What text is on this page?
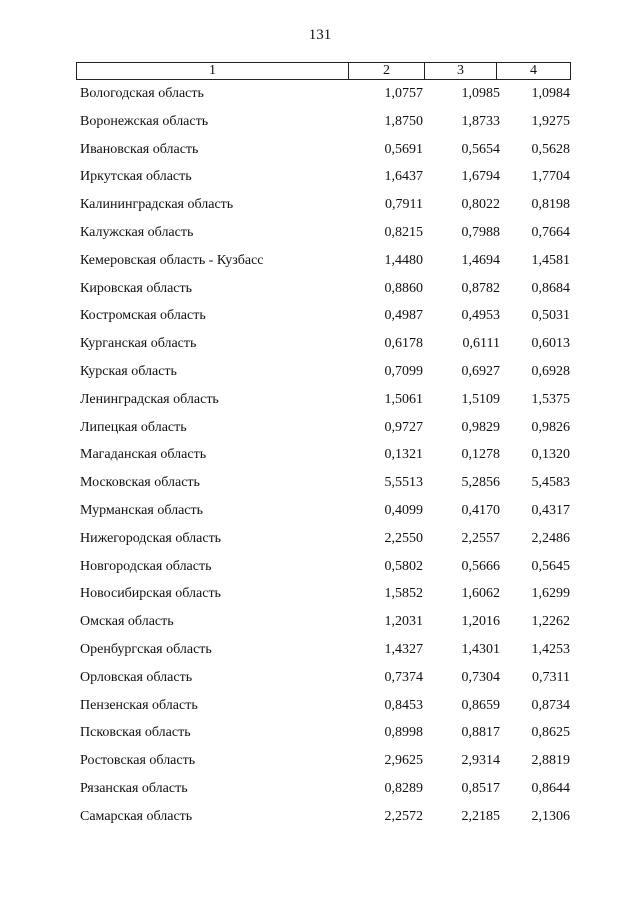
131
1	2	3	4
Вологодская область	1,0757	1,0985 1,0984
Воронежская область	1,8750	1,8733 1,9275
Ивановская область	0,5691	0,5654 0,5628
Иркутская область	1,6437	1,6794 1,7704
Калининградская область	0,7911	0,8022 0,8198
Калужская область	0,8215	0,7988 0,7664
Кемеровская область - Кузбасс	1,4480	1,4694 1,4581
Кировская область	0,8860	0,8782 0,8684
Костромская область	0,4987	0,4953 0,5031
Курганская область	0,6178	0,6111 0,6013
Курская область	0,7099	0,6927 0,6928
Ленинградская область	1,5061	1,5109 1,5375
Липецкая область	0,9727	0,9829 0,9826
Магаданская область	0,1321	0,1278 0,1320
Московская область	5,5513	5,2856 5,4583
Мурманская область	0,4099	0,4170 0,4317
Нижегородская область	2,2550	2,2557 2,2486
Новгородская область	0,5802	0,5666 0,5645
Новосибирская область	1,5852	1,6062 1,6299
Омская область	1,2031	1,2016 1,2262
Оренбургская область	1,4327	1,4301 1,4253
Орловская область	0,7374	0,7304 0,7311
Пензенская область	0,8453	0,8659 0,8734
Псковская область	0,8998	0,8817 0,8625
Ростовская область	2,9625	2,9314 2,8819
Рязанская область	0,8289	0,8517 0,8644
Самарская область	2,2572	2,2185 2,1306
